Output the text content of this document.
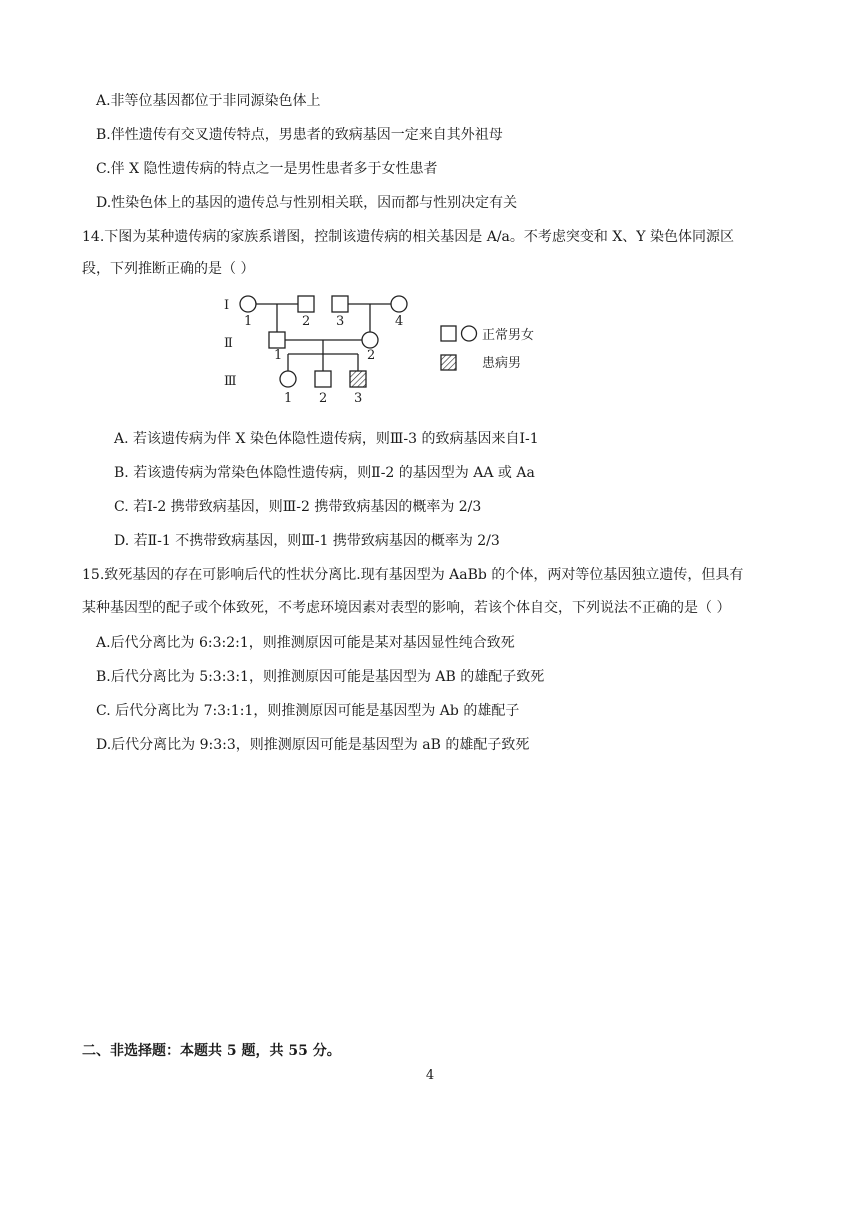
A.非等位基因都位于非同源染色体上
B.伴性遗传有交叉遗传特点，男患者的致病基因一定来自其外祖母
C.伴 X 隐性遗传病的特点之一是男性患者多于女性患者
D.性染色体上的基因的遗传总与性别相关联，因而都与性别决定有关
14.下图为某种遗传病的家族系谱图，控制该遗传病的相关基因是 A/a。不考虑突变和 X、Y 染色体同源区
段，下列推断正确的是（ ）
Ⅰ
Ⅱ
Ⅲ
1	2 3	4
1	2
1 2 3
正常男女
患病男
A. 若该遗传病为伴 X 染色体隐性遗传病，则Ⅲ-3 的致病基因来自Ⅰ-1
B. 若该遗传病为常染色体隐性遗传病，则Ⅱ-2 的基因型为 AA 或 Aa
C. 若Ⅰ-2 携带致病基因，则Ⅲ-2 携带致病基因的概率为 2/3
D. 若Ⅱ-1 不携带致病基因，则Ⅲ-1 携带致病基因的概率为 2/3
15.致死基因的存在可影响后代的性状分离比.现有基因型为 AaBb 的个体，两对等位基因独立遗传，但具有
某种基因型的配子或个体致死，不考虑环境因素对表型的影响，若该个体自交，下列说法不正确的是（ ）
A.后代分离比为 6:3:2:1，则推测原因可能是某对基因显性纯合致死
B.后代分离比为 5:3:3:1，则推测原因可能是基因型为 AB 的雄配子致死
C. 后代分离比为 7:3:1:1，则推测原因可能是基因型为 Ab 的雄配子
D.后代分离比为 9:3:3，则推测原因可能是基因型为 aB 的雄配子致死
二、非选择题：本题共 5 题，共 55 分。
4
